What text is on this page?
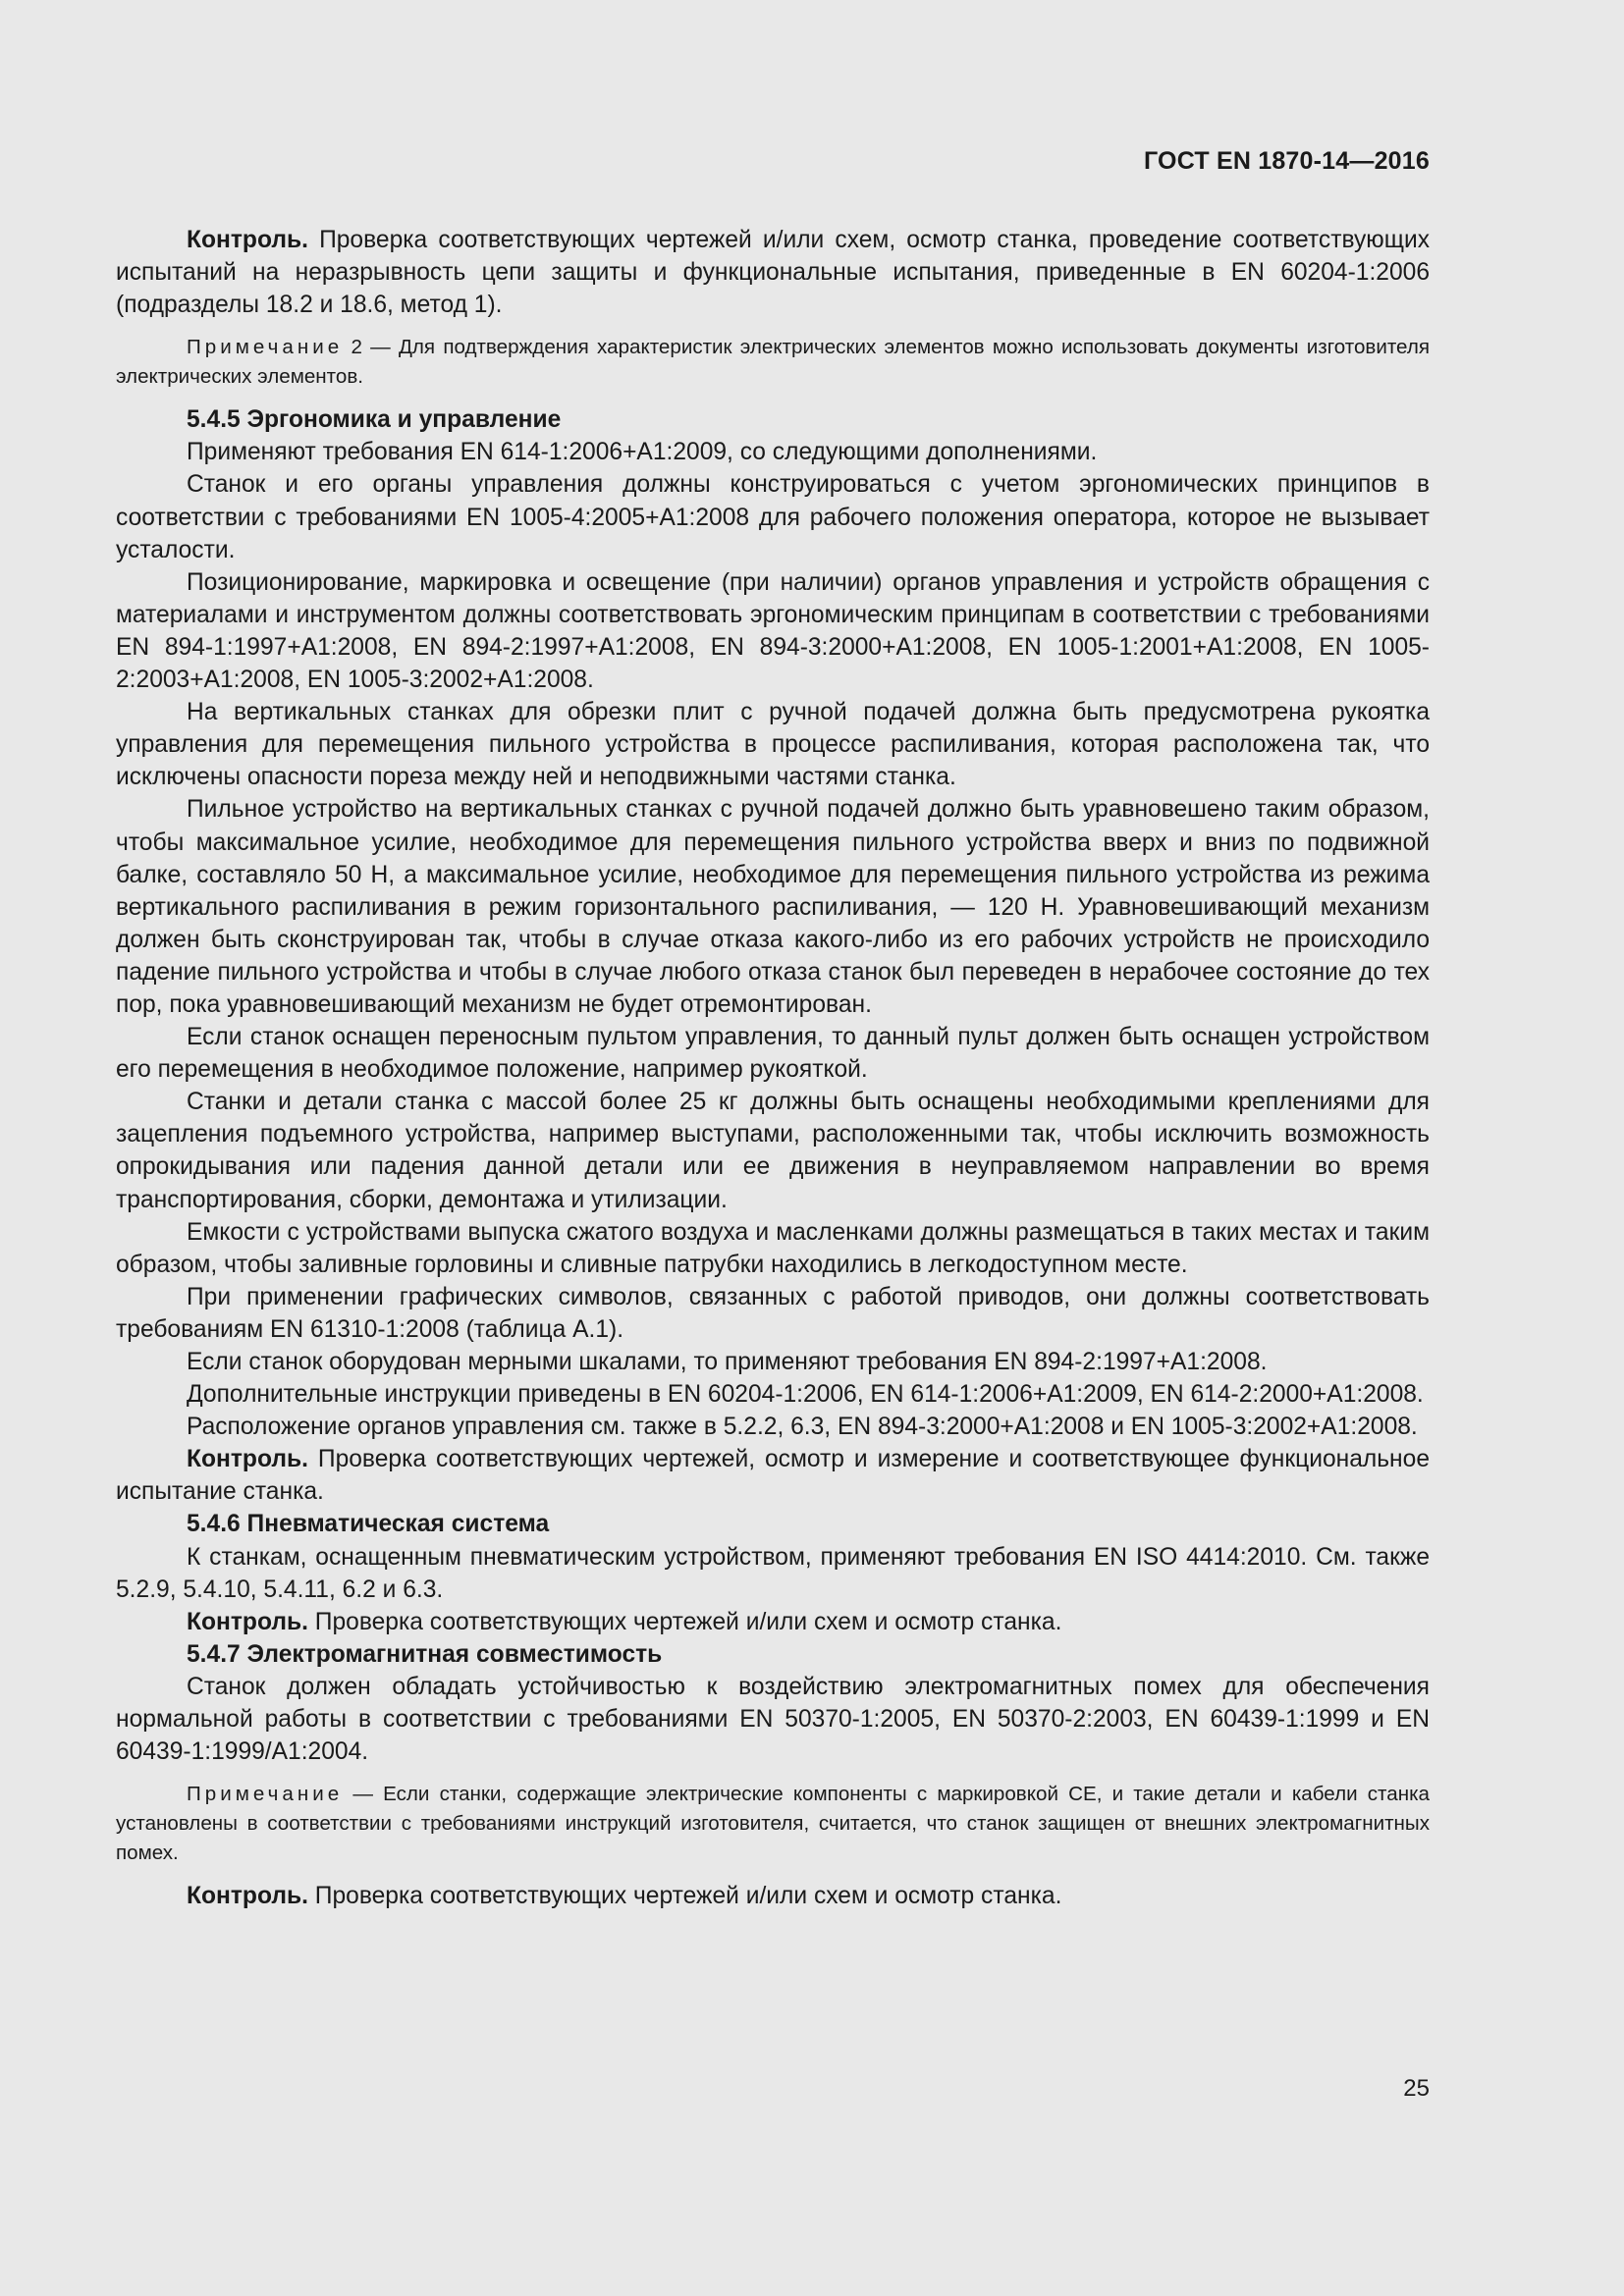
ГОСТ EN 1870-14—2016

Контроль. Проверка соответствующих чертежей и/или схем, осмотр станка, проведение соответствующих испытаний на неразрывность цепи защиты и функциональные испытания, приведенные в EN 60204-1:2006 (подразделы 18.2 и 18.6, метод 1).

Примечание 2 — Для подтверждения характеристик электрических элементов можно использовать документы изготовителя электрических элементов.

5.4.5 Эргономика и управление

Применяют требования EN 614-1:2006+A1:2009, со следующими дополнениями.

Станок и его органы управления должны конструироваться с учетом эргономических принципов в соответствии с требованиями EN 1005-4:2005+A1:2008 для рабочего положения оператора, которое не вызывает усталости.

Позиционирование, маркировка и освещение (при наличии) органов управления и устройств обращения с материалами и инструментом должны соответствовать эргономическим принципам в соответствии с требованиями EN 894-1:1997+A1:2008, EN 894-2:1997+A1:2008, EN 894-3:2000+A1:2008, EN 1005-1:2001+A1:2008, EN 1005-2:2003+A1:2008, EN 1005-3:2002+A1:2008.

На вертикальных станках для обрезки плит с ручной подачей должна быть предусмотрена рукоятка управления для перемещения пильного устройства в процессе распиливания, которая расположена так, что исключены опасности пореза между ней и неподвижными частями станка.

Пильное устройство на вертикальных станках с ручной подачей должно быть уравновешено таким образом, чтобы максимальное усилие, необходимое для перемещения пильного устройства вверх и вниз по подвижной балке, составляло 50 Н, а максимальное усилие, необходимое для перемещения пильного устройства из режима вертикального распиливания в режим горизонтального распиливания, — 120 Н. Уравновешивающий механизм должен быть сконструирован так, чтобы в случае отказа какого-либо из его рабочих устройств не происходило падение пильного устройства и чтобы в случае любого отказа станок был переведен в нерабочее состояние до тех пор, пока уравновешивающий механизм не будет отремонтирован.

Если станок оснащен переносным пультом управления, то данный пульт должен быть оснащен устройством его перемещения в необходимое положение, например рукояткой.

Станки и детали станка с массой более 25 кг должны быть оснащены необходимыми креплениями для зацепления подъемного устройства, например выступами, расположенными так, чтобы исключить возможность опрокидывания или падения данной детали или ее движения в неуправляемом направлении во время транспортирования, сборки, демонтажа и утилизации.

Емкости с устройствами выпуска сжатого воздуха и масленками должны размещаться в таких местах и таким образом, чтобы заливные горловины и сливные патрубки находились в легкодоступном месте.

При применении графических символов, связанных с работой приводов, они должны соответствовать требованиям EN 61310-1:2008 (таблица A.1).

Если станок оборудован мерными шкалами, то применяют требования EN 894-2:1997+A1:2008.

Дополнительные инструкции приведены в EN 60204-1:2006, EN 614-1:2006+A1:2009, EN 614-2:2000+A1:2008.

Расположение органов управления см. также в 5.2.2, 6.3, EN 894-3:2000+A1:2008 и EN 1005-3:2002+A1:2008.

Контроль. Проверка соответствующих чертежей, осмотр и измерение и соответствующее функциональное испытание станка.

5.4.6 Пневматическая система

К станкам, оснащенным пневматическим устройством, применяют требования EN ISO 4414:2010. См. также 5.2.9, 5.4.10, 5.4.11, 6.2 и 6.3.

Контроль. Проверка соответствующих чертежей и/или схем и осмотр станка.

5.4.7 Электромагнитная совместимость

Станок должен обладать устойчивостью к воздействию электромагнитных помех для обеспечения нормальной работы в соответствии с требованиями EN 50370-1:2005, EN 50370-2:2003, EN 60439-1:1999 и EN 60439-1:1999/A1:2004.

Примечание — Если станки, содержащие электрические компоненты с маркировкой CE, и такие детали и кабели станка установлены в соответствии с требованиями инструкций изготовителя, считается, что станок защищен от внешних электромагнитных помех.

Контроль. Проверка соответствующих чертежей и/или схем и осмотр станка.

25
